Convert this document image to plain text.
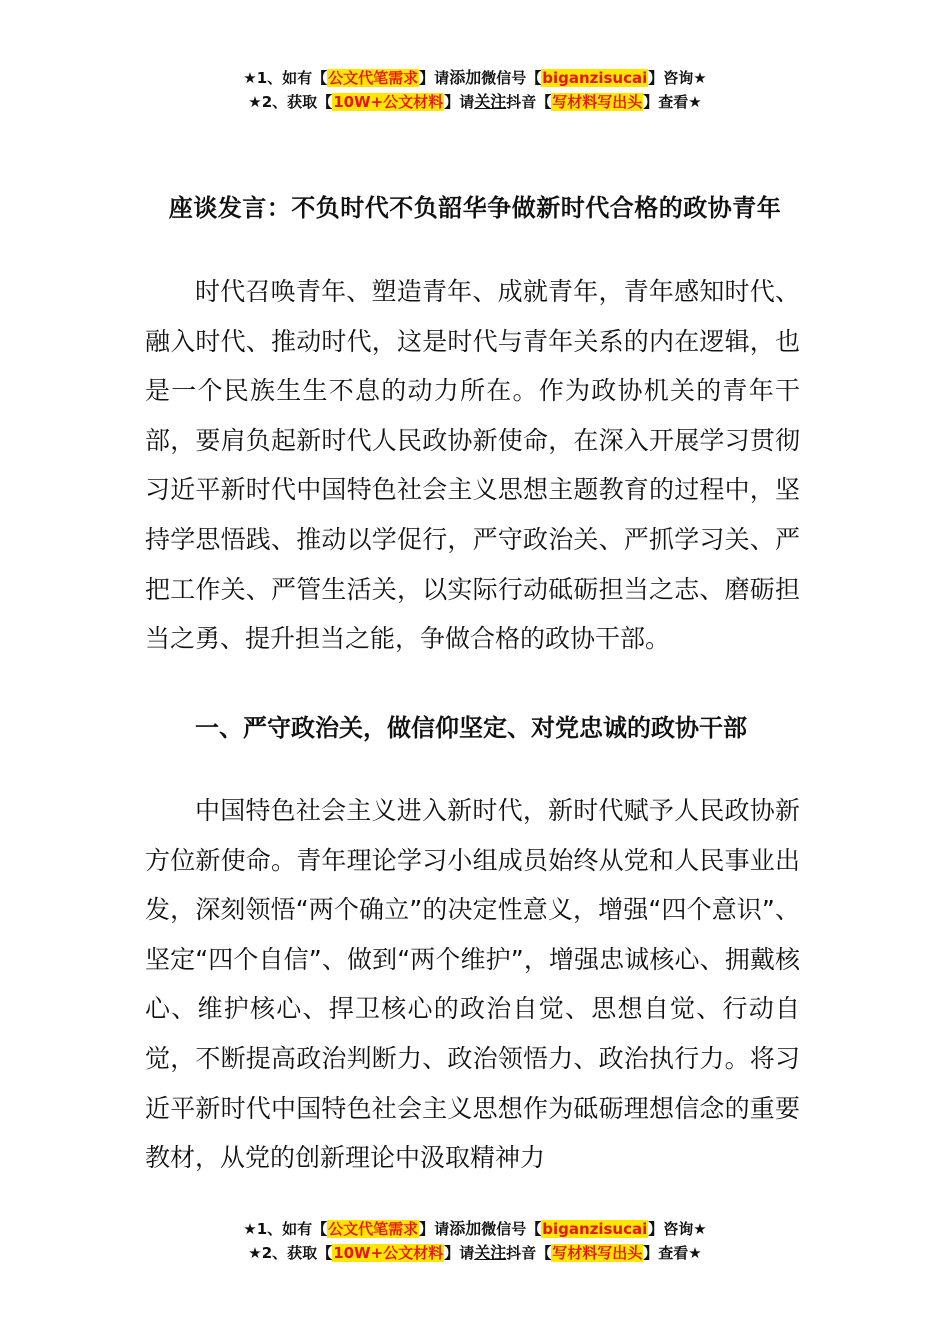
★1、如有【公文代笔需求】请添加微信号【biganzisucai】咨询★
★2、获取【10W+公文材料】请关注抖音【写材料写出头】查看★
座谈发言：不负时代不负韶华争做新时代合格的政协青年

时代召唤青年、塑造青年、成就青年，青年感知时代、融入时代、推动时代，这是时代与青年关系的内在逻辑，也是一个民族生生不息的动力所在。作为政协机关的青年干部，要肩负起新时代人民政协新使命，在深入开展学习贯彻习近平新时代中国特色社会主义思想主题教育的过程中，坚持学思悟践、推动以学促行，严守政治关、严抓学习关、严把工作关、严管生活关，以实际行动砥砺担当之志、磨砺担当之勇、提升担当之能，争做合格的政协干部。

一、严守政治关，做信仰坚定、对党忠诚的政协干部

中国特色社会主义进入新时代，新时代赋予人民政协新方位新使命。青年理论学习小组成员始终从党和人民事业出发，深刻领悟“两个确立”的决定性意义，增强“四个意识”、坚定“四个自信”、做到“两个维护”，增强忠诚核心、拥戴核心、维护核心、捍卫核心的政治自觉、思想自觉、行动自觉，不断提高政治判断力、政治领悟力、政治执行力。将习近平新时代中国特色社会主义思想作为砥砺理想信念的重要教材，从党的创新理论中汲取精神力

★1、如有【公文代笔需求】请添加微信号【biganzisucai】咨询★
★2、获取【10W+公文材料】请关注抖音【写材料写出头】查看★
